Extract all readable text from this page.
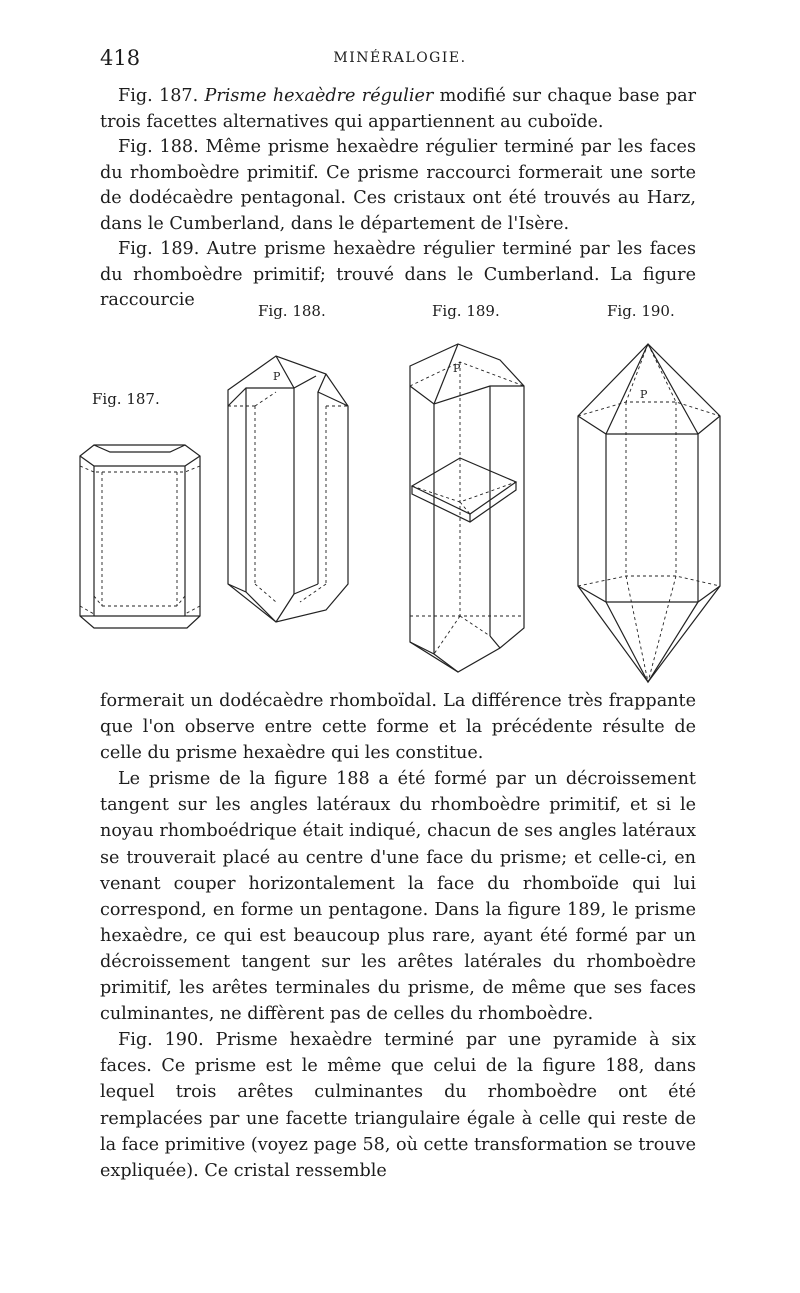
418	MINÉRALOGIE.

Fig. 187. Prisme hexaèdre régulier modifié sur chaque base par trois facettes alternatives qui appartiennent au cuboïde.

Fig. 188. Même prisme hexaèdre régulier terminé par les faces du rhomboèdre primitif. Ce prisme raccourci formerait une sorte de dodécaèdre pentagonal. Ces cristaux ont été trouvés au Harz, dans le Cumberland, dans le département de l'Isère.

Fig. 189. Autre prisme hexaèdre régulier terminé par les faces du rhomboèdre primitif; trouvé dans le Cumberland. La figure raccourcie

Fig. 188.	Fig. 189.	Fig. 190.
Fig. 187.
P
P
P

formerait un dodécaèdre rhomboïdal. La différence très frappante que l'on observe entre cette forme et la précédente résulte de celle du prisme hexaèdre qui les constitue.

Le prisme de la figure 188 a été formé par un décroissement tangent sur les angles latéraux du rhomboèdre primitif, et si le noyau rhomboédrique était indiqué, chacun de ses angles latéraux se trouverait placé au centre d'une face du prisme; et celle-ci, en venant couper horizontalement la face du rhomboïde qui lui correspond, en forme un pentagone. Dans la figure 189, le prisme hexaèdre, ce qui est beaucoup plus rare, ayant été formé par un décroissement tangent sur les arêtes latérales du rhomboèdre primitif, les arêtes terminales du prisme, de même que ses faces culminantes, ne diffèrent pas de celles du rhomboèdre.

Fig. 190. Prisme hexaèdre terminé par une pyramide à six faces. Ce prisme est le même que celui de la figure 188, dans lequel trois arêtes culminantes du rhomboèdre ont été remplacées par une facette triangulaire égale à celle qui reste de la face primitive (voyez page 58, où cette transformation se trouve expliquée). Ce cristal ressemble
